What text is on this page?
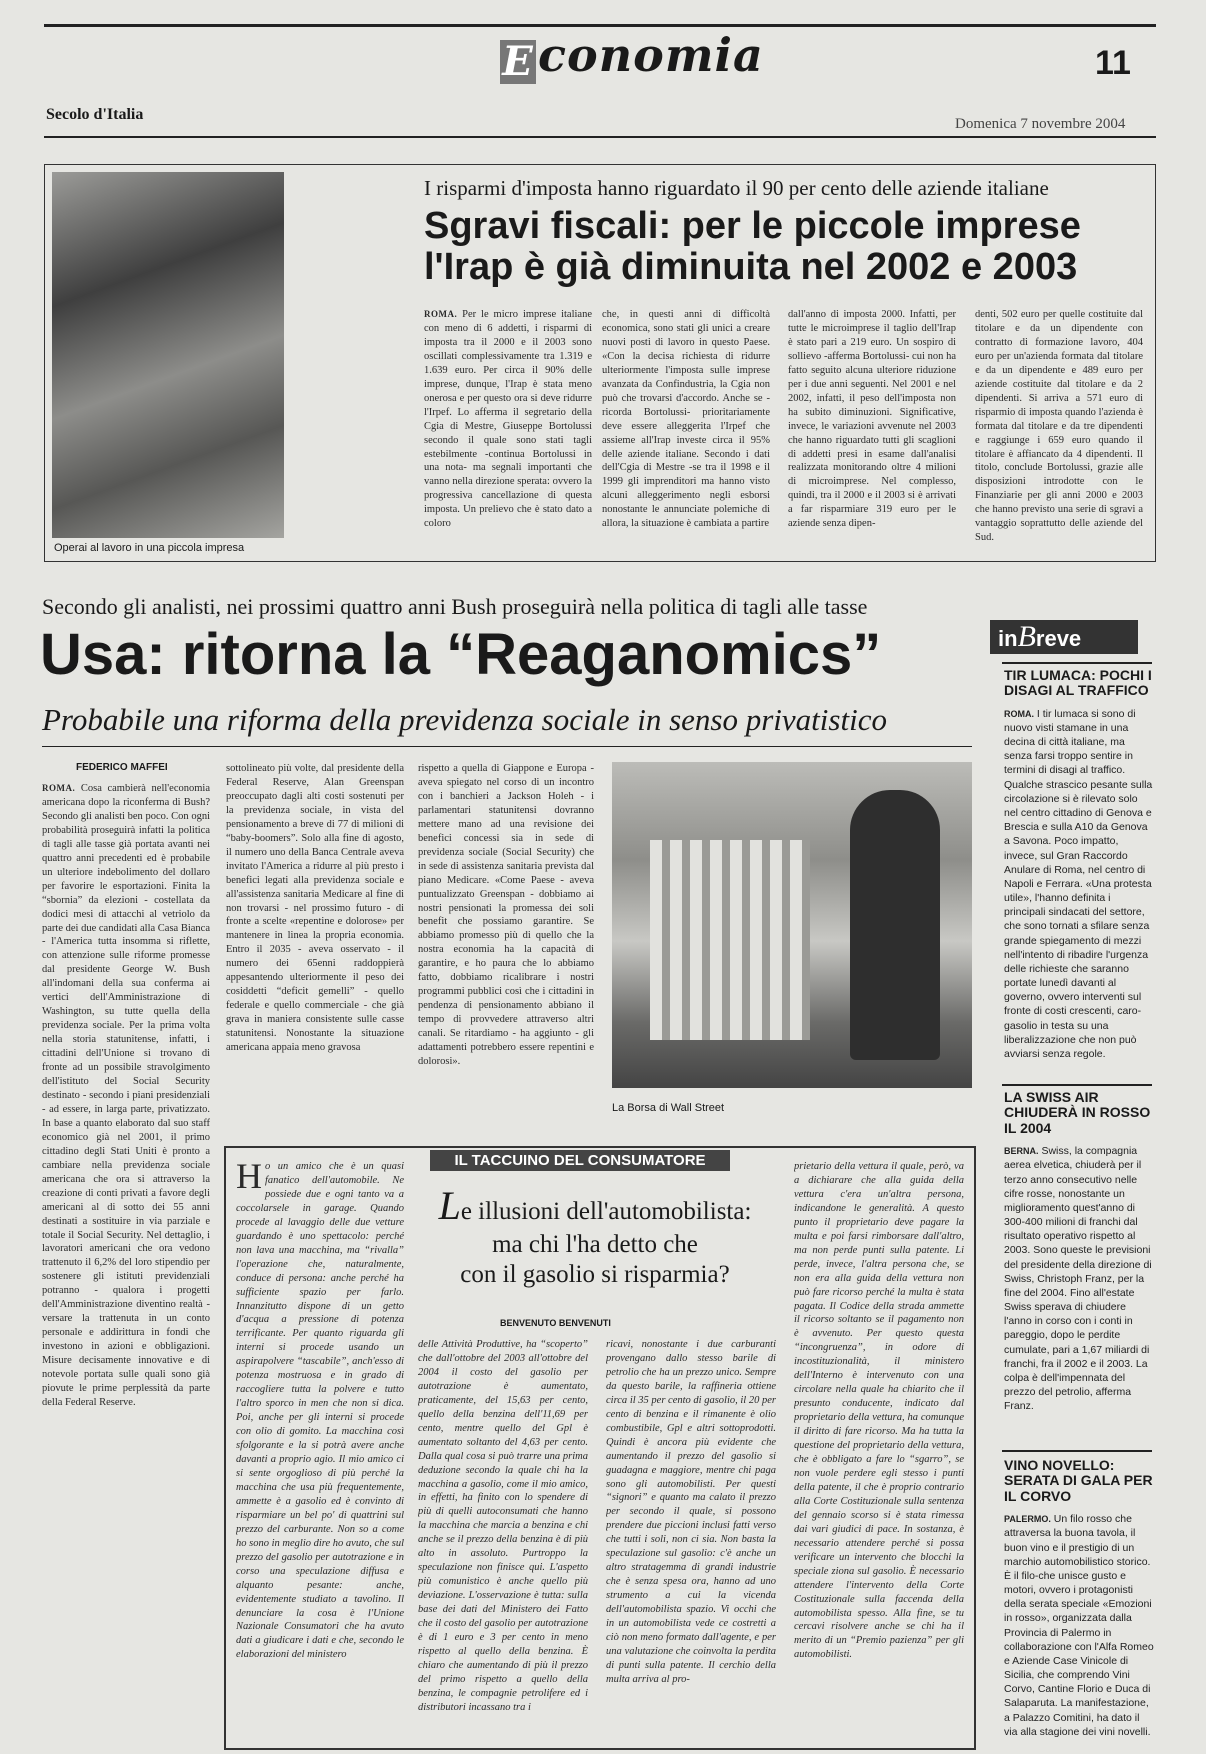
Economia	11
Secolo d'Italia
Domenica 7 novembre 2004
Operai al lavoro in una piccola impresa
I risparmi d'imposta hanno riguardato il 90 per cento delle aziende italiane
Sgravi fiscali: per le piccole imprese
l'Irap è già diminuita nel 2002 e 2003
ROMA. Per le micro imprese italiane con meno di 6 addetti, i risparmi di imposta tra il 2000 e il 2003 sono oscillati complessivamente tra 1.319 e 1.639 euro. Per circa il 90% delle imprese, dunque, l'Irap è stata meno onerosa e per questo ora si deve ridurre l'Irpef. Lo afferma il segretario della Cgia di Mestre, Giuseppe Bortolussi secondo il quale sono stati tagli estebilmente -continua Bortolussi in una nota- ma segnali importanti che vanno nella direzione sperata: ovvero la progressiva cancellazione di questa imposta. Un prelievo che è stato dato a coloro
che, in questi anni di difficoltà economica, sono stati gli unici a creare nuovi posti di lavoro in questo Paese. «Con la decisa richiesta di ridurre ulteriormente l'imposta sulle imprese avanzata da Confindustria, la Cgia non può che trovarsi d'accordo. Anche se -ricorda Bortolussi- prioritariamente deve essere alleggerita l'Irpef che assieme all'Irap investe circa il 95% delle aziende italiane. Secondo i dati dell'Cgia di Mestre -se tra il 1998 e il 1999 gli imprenditori ma hanno visto alcuni alleggerimento negli esborsi nonostante le annunciate polemiche di allora, la situazione è cambiata a partire
dall'anno di imposta 2000. Infatti, per tutte le microimprese il taglio dell'Irap è stato pari a 219 euro. Un sospiro di sollievo -afferma Bortolussi- cui non ha fatto seguito alcuna ulteriore riduzione per i due anni seguenti. Nel 2001 e nel 2002, infatti, il peso dell'imposta non ha subito diminuzioni. Significative, invece, le variazioni avvenute nel 2003 che hanno riguardato tutti gli scaglioni di addetti presi in esame dall'analisi realizzata monitorando oltre 4 milioni di microimprese. Nel complesso, quindi, tra il 2000 e il 2003 si è arrivati a far risparmiare 319 euro per le aziende senza dipen-
denti, 502 euro per quelle costituite dal titolare e da un dipendente con contratto di formazione lavoro, 404 euro per un'azienda formata dal titolare e da un dipendente e 489 euro per aziende costituite dal titolare e da 2 dipendenti. Si arriva a 571 euro di risparmio di imposta quando l'azienda è formata dal titolare e da tre dipendenti e raggiunge i 659 euro quando il titolare è affiancato da 4 dipendenti. Il titolo, conclude Bortolussi, grazie alle disposizioni introdotte con le Finanziarie per gli anni 2000 e 2003 che hanno previsto una serie di sgravi a vantaggio soprattutto delle aziende del Sud.
Secondo gli analisti, nei prossimi quattro anni Bush proseguirà nella politica di tagli alle tasse
Usa: ritorna la “Reaganomics”
Probabile una riforma della previdenza sociale in senso privatistico
FEDERICO MAFFEI
ROMA. Cosa cambierà nell'economia americana dopo la riconferma di Bush? Secondo gli analisti ben poco. Con ogni probabilità proseguirà infatti la politica di tagli alle tasse già portata avanti nei quattro anni precedenti ed è probabile un ulteriore indebolimento del dollaro per favorire le esportazioni. Finita la “sbornia” da elezioni - costellata da dodici mesi di attacchi al vetriolo da parte dei due candidati alla Casa Bianca - l'America tutta insomma si riflette, con attenzione sulle riforme promesse dal presidente George W. Bush all'indomani della sua conferma ai vertici dell'Amministrazione di Washington, su tutte quella della previdenza sociale. Per la prima volta nella storia statunitense, infatti, i cittadini dell'Unione si trovano di fronte ad un possibile stravolgimento dell'istituto del Social Security destinato - secondo i piani presidenziali - ad essere, in larga parte, privatizzato. In base a quanto elaborato dal suo staff economico già nel 2001, il primo cittadino degli Stati Uniti è pronto a cambiare nella previdenza sociale americana che ora si attraverso la creazione di conti privati a favore degli americani al di sotto dei 55 anni destinati a sostituire in via parziale e totale il Social Security. Nel dettaglio, i lavoratori americani che ora vedono trattenuto il 6,2% del loro stipendio per sostenere gli istituti previdenziali potranno - qualora i progetti dell'Amministrazione diventino realtà - versare la trattenuta in un conto personale e addirittura in fondi che investono in azioni e obbligazioni. Misure decisamente innovative e di notevole portata sulle quali sono già piovute le prime perplessità da parte della Federal Reserve.
sottolineato più volte, dal presidente della Federal Reserve, Alan Greenspan preoccupato dagli alti costi sostenuti per la previdenza sociale, in vista del pensionamento a breve di 77 di milioni di “baby-boomers”. Solo alla fine di agosto, il numero uno della Banca Centrale aveva invitato l'America a ridurre al più presto i benefici legati alla previdenza sociale e all'assistenza sanitaria Medicare al fine di non trovarsi - nel prossimo futuro - di fronte a scelte «repentine e dolorose» per mantenere in linea la propria economia. Entro il 2035 - aveva osservato - il numero dei 65enni raddoppierà appesantendo ulteriormente il peso dei cosiddetti “deficit gemelli” - quello federale e quello commerciale - che già grava in maniera consistente sulle casse statunitensi. Nonostante la situazione americana appaia meno gravosa
rispetto a quella di Giappone e Europa - aveva spiegato nel corso di un incontro con i banchieri a Jackson Holeh - i parlamentari statunitensi dovranno mettere mano ad una revisione dei benefici concessi sia in sede di previdenza sociale (Social Security) che in sede di assistenza sanitaria prevista dal piano Medicare. «Come Paese - aveva puntualizzato Greenspan - dobbiamo ai nostri pensionati la promessa dei soli benefit che possiamo garantire. Se abbiamo promesso più di quello che la nostra economia ha la capacità di garantire, e ho paura che lo abbiamo fatto, dobbiamo ricalibrare i nostri programmi pubblici così che i cittadini in pendenza di pensionamento abbiano il tempo di provvedere attraverso altri canali. Se ritardiamo - ha aggiunto - gli adattamenti potrebbero essere repentini e dolorosi».
La Borsa di Wall Street
IL TACCUINO DEL CONSUMATORE
Le illusioni dell'automobilista:
ma chi l'ha detto che
con il gasolio si risparmia?
BENVENUTO BENVENUTI
Ho un amico che è un quasi fanatico dell'automobile. Ne possiede due e ogni tanto va a coccolarsele in garage. Quando procede al lavaggio delle due vetture guardando è uno spettacolo: perché non lava una macchina, ma “rivalla” l'operazione che, naturalmente, conduce di persona: anche perché ha sufficiente spazio per farlo. Innanzitutto dispone di un getto d'acqua a pressione di potenza terrificante. Per quanto riguarda gli interni si procede usando un aspirapolvere “tascabile”, anch'esso di potenza mostruosa e in grado di raccogliere tutta la polvere e tutto l'altro sporco in men che non si dica. Poi, anche per gli interni si procede con olio di gomito. La macchina così sfolgorante e la si potrà avere anche davanti a proprio agio. Il mio amico ci si sente orgoglioso di più perché la macchina che usa più frequentemente, ammette è a gasolio ed è convinto di risparmiare un bel po' di quattrini sul prezzo del carburante. Non so a come ho sono in meglio dire ho avuto, che sul prezzo del gasolio per autotrazione e in corso una speculazione diffusa e alquanto pesante: anche, evidentemente studiato a tavolino. Il denunciare la cosa è l'Unione Nazionale Consumatori che ha avuto dati a giudicare i dati e che, secondo le elaborazioni del ministero
delle Attività Produttive, ha “scoperto” che dall'ottobre del 2003 all'ottobre del 2004 il costo del gasolio per autotrazione è aumentato, praticamente, del 15,63 per cento, quello della benzina dell'11,69 per cento, mentre quello del Gpl è aumentato soltanto del 4,63 per cento. Dalla qual cosa si può trarre una prima deduzione secondo la quale chi ha la macchina a gasolio, come il mio amico, in effetti, ha finito con lo spendere di più di quelli autoconsumati che hanno la macchina che marcia a benzina e chi anche se il prezzo della benzina è di più alto in assoluto. Purtroppo la speculazione non finisce qui. L'aspetto più comunistico è anche quello più deviazione. L'osservazione è tutta: sulla base dei dati del Ministero dei Fatto che il costo del gasolio per autotrazione è di 1 euro e 3 per cento in meno rispetto al quello della benzina. È chiaro che aumentando di più il prezzo del primo rispetto a quello della benzina, le compagnie petrolifere ed i distributori incassano tra i
ricavi, nonostante i due carburanti provengano dallo stesso barile di petrolio che ha un prezzo unico. Sempre da questo barile, la raffineria ottiene circa il 35 per cento di gasolio, il 20 per cento di benzina e il rimanente è olio combustibile, Gpl e altri sottoprodotti. Quindi è ancora più evidente che aumentando il prezzo del gasolio si guadagna e maggiore, mentre chi paga sono gli automobilisti. Per questi “signori” e quanto ma calato il prezzo per secondo il quale, si possono prendere due piccioni inclusi fatti verso che tutti i soli, non ci sia. Non basta la speculazione sul gasolio: c'è anche un altro stratagemma di grandi industrie che è senza spesa ora, hanno ad uno strumento a cui la vicenda dell'automobilista spazio. Vi occhi che in un automobilista vede ce costretti a ciò non meno formato dall'agente, e per una valutazione che coinvolta la perdita di punti sulla patente. Il cerchio della multa arriva al pro-
prietario della vettura il quale, però, va a dichiarare che alla guida della vettura c'era un'altra persona, indicandone le generalità. A questo punto il proprietario deve pagare la multa e poi farsi rimborsare dall'altro, ma non perde punti sulla patente. Li perde, invece, l'altra persona che, se non era alla guida della vettura non può fare ricorso perché la multa è stata pagata. Il Codice della strada ammette il ricorso soltanto se il pagamento non è avvenuto. Per questo questa “incongruenza”, in odore di incostituzionalità, il ministero dell'Interno è intervenuto con una circolare nella quale ha chiarito che il presunto conducente, indicato dal proprietario della vettura, ha comunque il diritto di fare ricorso. Ma ha tutta la questione del proprietario della vettura, che è obbligato a fare lo “sgarro”, se non vuole perdere egli stesso i punti della patente, il che è proprio contrario alla Corte Costituzionale sulla sentenza del gennaio scorso si è stata rimessa dai vari giudici di pace. In sostanza, è necessario attendere perché si possa verificare un intervento che blocchi la speciale ziona sul gasolio. È necessario attendere l'intervento della Corte Costituzionale sulla faccenda della automobilista spesso. Alla fine, se tu cercavi risolvere anche se chi ha il merito di un “Premio pazienza” per gli automobilisti.
inBreve
TIR LUMACA: POCHI I DISAGI AL TRAFFICO
ROMA. I tir lumaca si sono di nuovo visti stamane in una decina di città italiane, ma senza farsi troppo sentire in termini di disagi al traffico. Qualche strascico pesante sulla circolazione si è rilevato solo nel centro cittadino di Genova e Brescia e sulla A10 da Genova a Savona. Poco impatto, invece, sul Gran Raccordo Anulare di Roma, nel centro di Napoli e Ferrara. «Una protesta utile», l'hanno definita i principali sindacati del settore, che sono tornati a sfilare senza grande spiegamento di mezzi nell'intento di ribadire l'urgenza delle richieste che saranno portate lunedì davanti al governo, ovvero interventi sul fronte di costi crescenti, caro-gasolio in testa su una liberalizzazione che non può avviarsi senza regole.
LA SWISS AIR CHIUDERÀ IN ROSSO IL 2004
BERNA. Swiss, la compagnia aerea elvetica, chiuderà per il terzo anno consecutivo nelle cifre rosse, nonostante un miglioramento quest'anno di 300-400 milioni di franchi dal risultato operativo rispetto al 2003. Sono queste le previsioni del presidente della direzione di Swiss, Christoph Franz, per la fine del 2004. Fino all'estate Swiss sperava di chiudere l'anno in corso con i conti in pareggio, dopo le perdite cumulate, pari a 1,67 miliardi di franchi, fra il 2002 e il 2003. La colpa è dell'impennata del prezzo del petrolio, afferma Franz.
VINO NOVELLO: SERATA DI GALA PER IL CORVO
PALERMO. Un filo rosso che attraversa la buona tavola, il buon vino e il prestigio di un marchio automobilistico storico. È il filo-che unisce gusto e motori, ovvero i protagonisti della serata speciale «Emozioni in rosso», organizzata dalla Provincia di Palermo in collaborazione con l'Alfa Romeo e Aziende Case Vinicole di Sicilia, che comprendo Vini Corvo, Cantine Florio e Duca di Salaparuta. La manifestazione, a Palazzo Comitini, ha dato il via alla stagione dei vini novelli.
